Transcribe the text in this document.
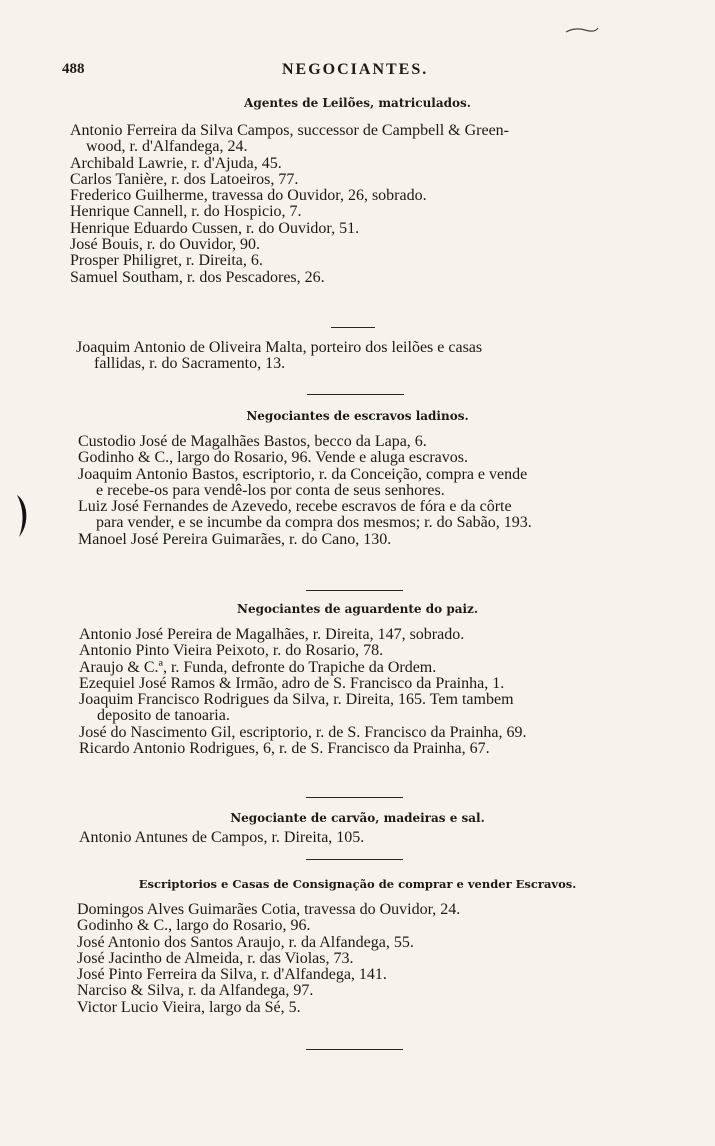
488	NEGOCIANTES.
Agentes de Leilões, matriculados.
Antonio Ferreira da Silva Campos, successor de Campbell & Green-
wood, r. d'Alfandega, 24.
Archibald Lawrie, r. d'Ajuda, 45.
Carlos Tanière, r. dos Latoeiros, 77.
Frederico Guilherme, travessa do Ouvidor, 26, sobrado.
Henrique Cannell, r. do Hospicio, 7.
Henrique Eduardo Cussen, r. do Ouvidor, 51.
José Bouis, r. do Ouvidor, 90.
Prosper Philigret, r. Direita, 6.
Samuel Southam, r. dos Pescadores, 26.
Joaquim Antonio de Oliveira Malta, porteiro dos leilões e casas
fallidas, r. do Sacramento, 13.
Negociantes de escravos ladinos.
Custodio José de Magalhães Bastos, becco da Lapa, 6.
Godinho & C., largo do Rosario, 96. Vende e aluga escravos.
Joaquim Antonio Bastos, escriptorio, r. da Conceição, compra e vende
e recebe-os para vendê-los por conta de seus senhores.
Luiz José Fernandes de Azevedo, recebe escravos de fóra e da côrte
para vender, e se incumbe da compra dos mesmos; r. do Sabão, 193.
Manoel José Pereira Guimarães, r. do Cano, 130.
Negociantes de aguardente do paiz.
Antonio José Pereira de Magalhães, r. Direita, 147, sobrado.
Antonio Pinto Vieira Peixoto, r. do Rosario, 78.
Araujo & C.ª, r. Funda, defronte do Trapiche da Ordem.
Ezequiel José Ramos & Irmão, adro de S. Francisco da Prainha, 1.
Joaquim Francisco Rodrigues da Silva, r. Direita, 165. Tem tambem
deposito de tanoaria.
José do Nascimento Gil, escriptorio, r. de S. Francisco da Prainha, 69.
Ricardo Antonio Rodrigues, 6, r. de S. Francisco da Prainha, 67.
Negociante de carvão, madeiras e sal.
Antonio Antunes de Campos, r. Direita, 105.
Escriptorios e Casas de Consignação de comprar e vender Escravos.
Domingos Alves Guimarães Cotia, travessa do Ouvidor, 24.
Godinho & C., largo do Rosario, 96.
José Antonio dos Santos Araujo, r. da Alfandega, 55.
José Jacintho de Almeida, r. das Violas, 73.
José Pinto Ferreira da Silva, r. d'Alfandega, 141.
Narciso & Silva, r. da Alfandega, 97.
Victor Lucio Vieira, largo da Sé, 5.
